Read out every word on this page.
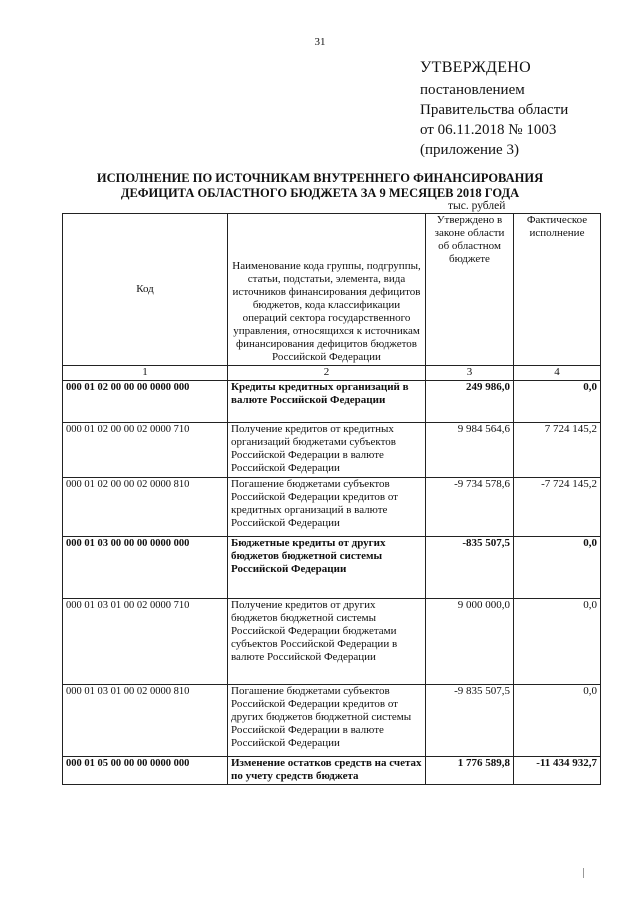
31
УТВЕРЖДЕНО
постановлением
Правительства области
от 06.11.2018 № 1003
(приложение 3)
ИСПОЛНЕНИЕ ПО ИСТОЧНИКАМ ВНУТРЕННЕГО ФИНАНСИРОВАНИЯ
ДЕФИЦИТА ОБЛАСТНОГО БЮДЖЕТА ЗА 9 МЕСЯЦЕВ 2018 ГОДА
тыс. рублей
Код	Наименование кода группы, подгруппы, статьи, подстатьи, элемента, вида источников финансирования дефицитов бюджетов, кода классификации операций сектора государственного управления, относящихся к источникам финансирования дефицитов бюджетов Российской Федерации	Утверждено в законе области об областном бюджете	Фактическое исполнение
1	2	3	4
000 01 02 00 00 00 0000 000	Кредиты кредитных организаций в валюте Российской Федерации	249 986,0	0,0
000 01 02 00 00 02 0000 710	Получение кредитов от кредитных организаций бюджетами субъектов Российской Федерации в валюте Российской Федерации	9 984 564,6	7 724 145,2
000 01 02 00 00 02 0000 810	Погашение бюджетами субъектов Российской Федерации кредитов от кредитных организаций в валюте Российской Федерации	-9 734 578,6	-7 724 145,2
000 01 03 00 00 00 0000 000	Бюджетные кредиты от других бюджетов бюджетной системы Российской Федерации	-835 507,5	0,0
000 01 03 01 00 02 0000 710	Получение кредитов от других бюджетов бюджетной системы Российской Федерации бюджетами субъектов Российской Федерации в валюте Российской Федерации	9 000 000,0	0,0
000 01 03 01 00 02 0000 810	Погашение бюджетами субъектов Российской Федерации кредитов от других бюджетов бюджетной системы Российской Федерации в валюте Российской Федерации	-9 835 507,5	0,0
000 01 05 00 00 00 0000 000	Изменение остатков средств на счетах по учету средств бюджета	1 776 589,8	-11 434 932,7
